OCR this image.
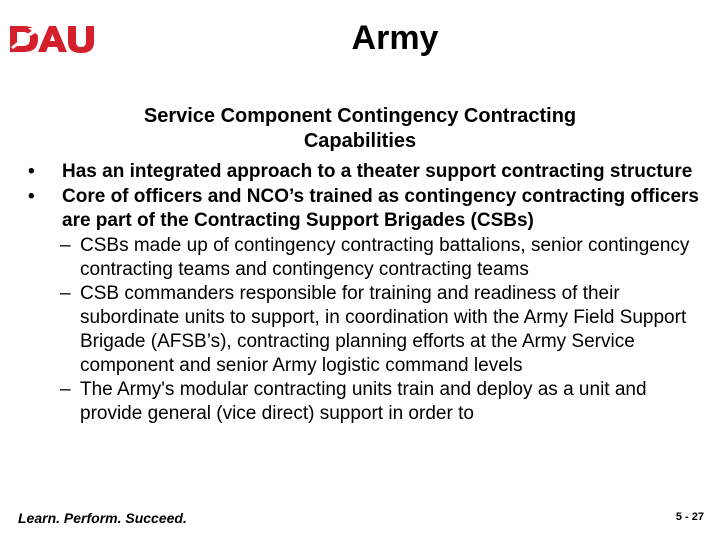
Army
Service Component Contingency Contracting Capabilities
•	Has an integrated approach to a theater support contracting structure
•	Core of officers and NCO’s trained as contingency contracting officers are part of the Contracting Support Brigades (CSBs)
– CSBs made up of contingency contracting battalions, senior contingency contracting teams and contingency contracting teams
– CSB commanders responsible for training and readiness of their subordinate units to support, in coordination with the Army Field Support Brigade (AFSB’s), contracting planning efforts at the Army Service component and senior Army logistic command levels
– The Army's modular contracting units train and deploy as a unit and provide general (vice direct) support in order to
Learn. Perform. Succeed.	5 - 27
